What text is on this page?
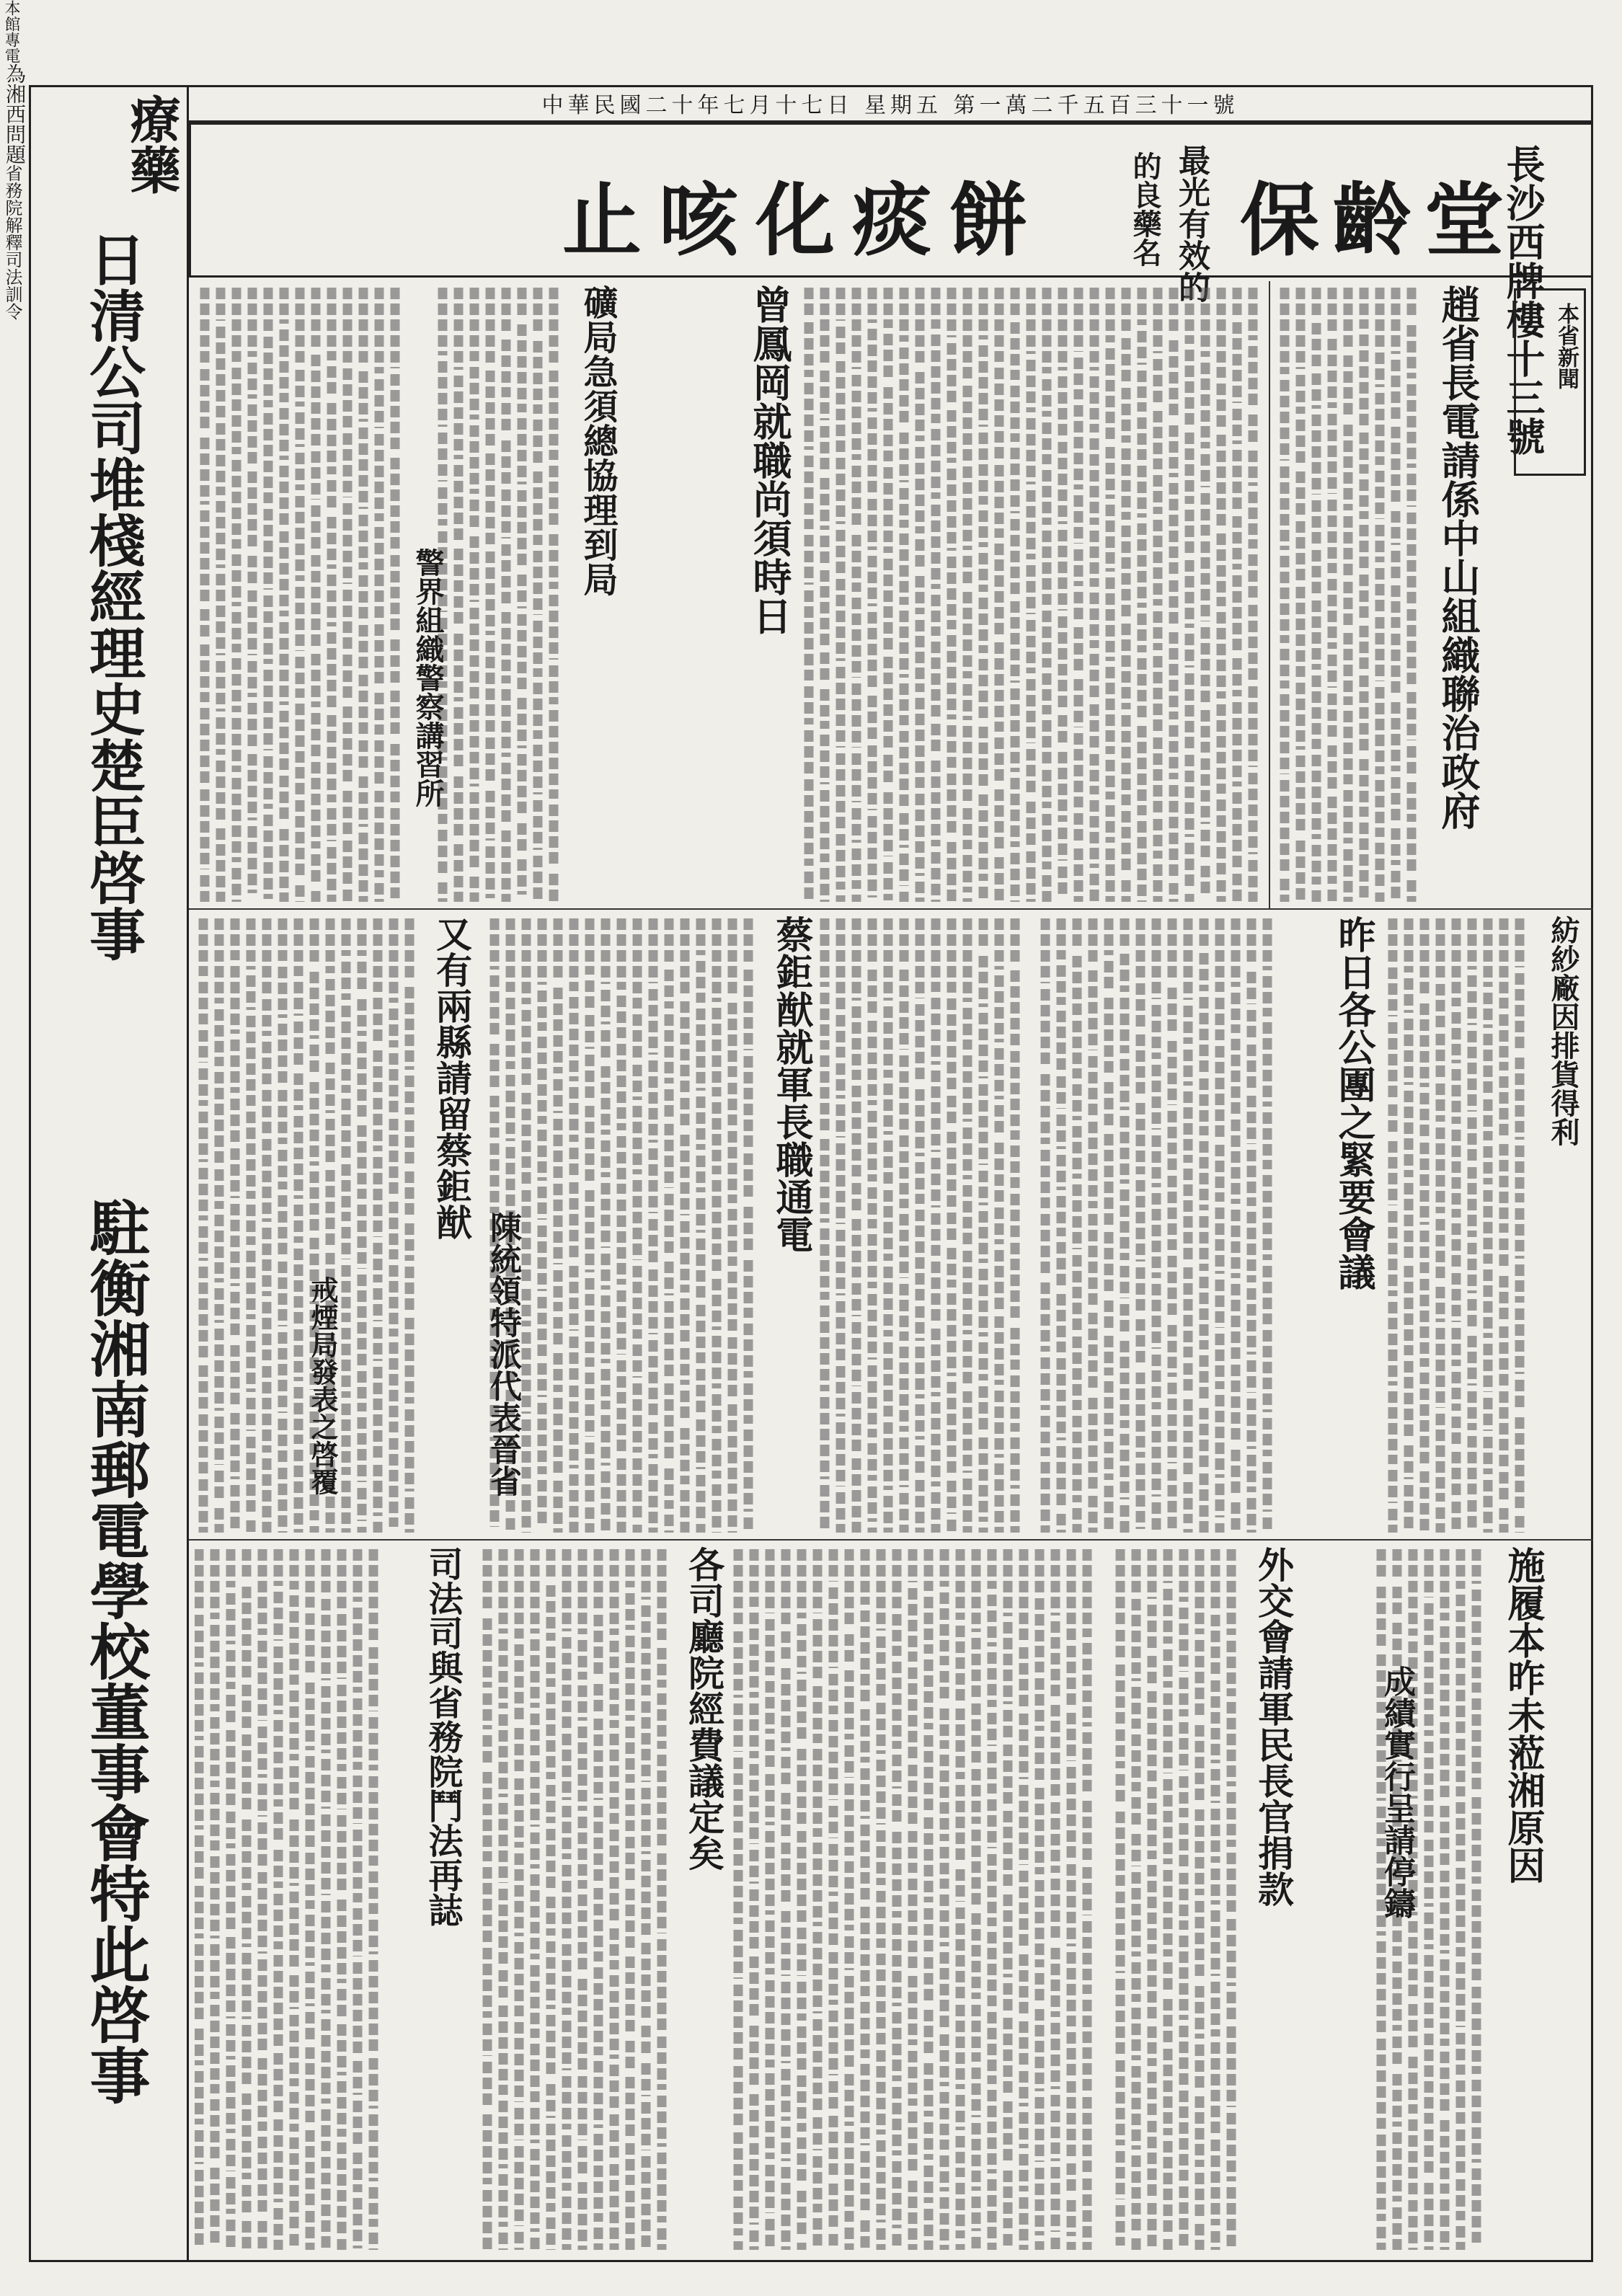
中華民國二十年七月十七日 星期五 第一萬二千五百三十一號
療藥
日清公司堆棧經理史楚臣啓事
駐衡湘南郵電學校董事會特此啓事
長沙西牌樓十三號
保齡堂
最光有效的
的良藥名
止咳化痰餅
本省新聞
本館專電
趙省長電請係中山組織聯治政府
曾鳳岡就職尚須時日
礦局急須總協理到局
警界組織警察講習所
昨日各公團之緊要會議
為湘西問題
蔡鉅猷就軍長職通電
又有兩縣請留蔡鉅猷
陳統領特派代表晉省
戒煙局發表之啓覆
紡紗廠因排貨得利
施履本昨未蒞湘原因
外交會請軍民長官捐款
各司廳院經費議定矣
司法司與省務院鬥法再誌	成績實行呈請停鑄
省務院解釋司法訓令
